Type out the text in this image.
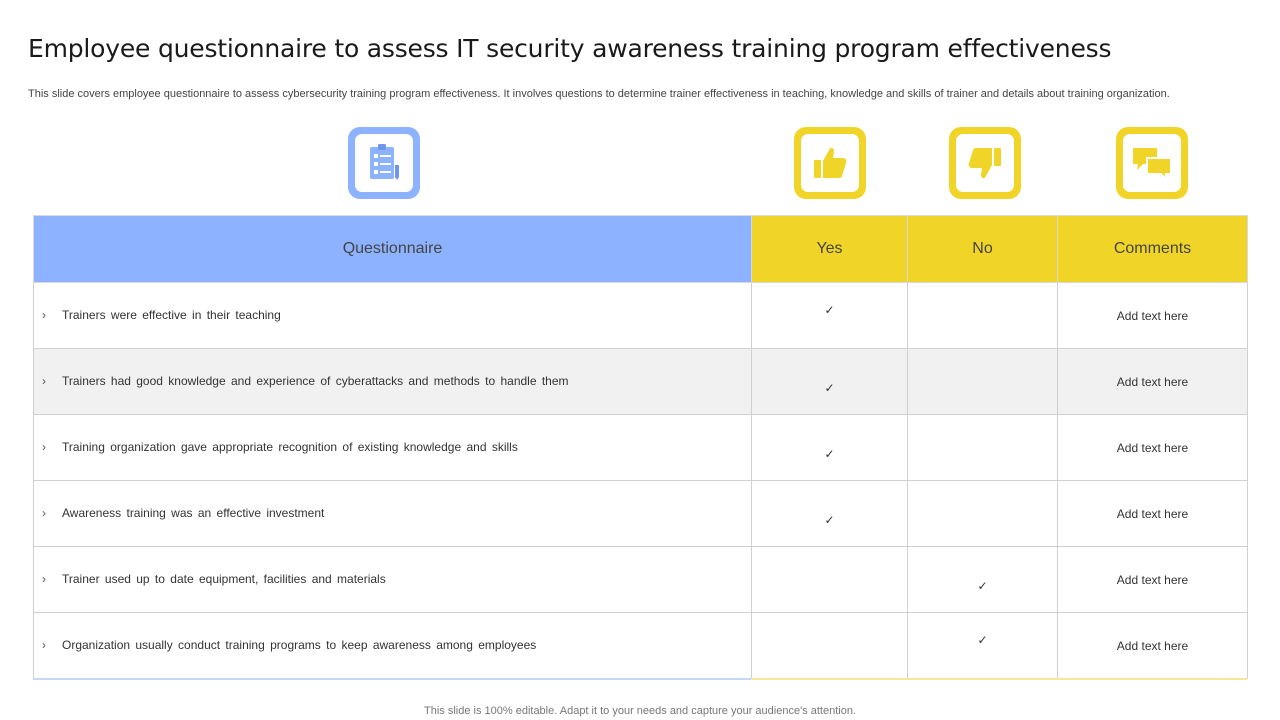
Employee questionnaire to assess IT security awareness training program effectiveness

This slide covers employee questionnaire to assess cybersecurity training program effectiveness. It involves questions to determine trainer effectiveness in teaching, knowledge and skills of trainer and details about training organization.

Questionnaire	Yes	No	Comments
› Trainers were effective in their teaching	✓		Add text here
› Trainers had good knowledge and experience of cyberattacks and methods to handle them	✓		Add text here
› Training organization gave appropriate recognition of existing knowledge and skills	✓		Add text here
› Awareness training was an effective investment	✓		Add text here
› Trainer used up to date equipment, facilities and materials		✓	Add text here
› Organization usually conduct training programs to keep awareness among employees		✓	Add text here

This slide is 100% editable. Adapt it to your needs and capture your audience's attention.
